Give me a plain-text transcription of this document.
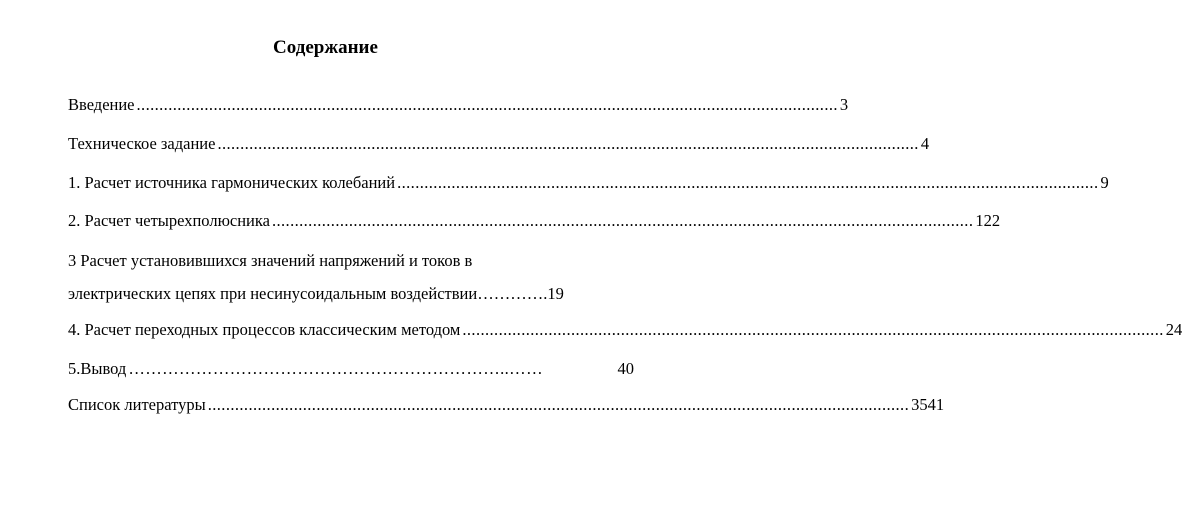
Содержание
Введение ........................................................................................................................................................... 3
Техническое задание ........................................................................................................................................................... 4
1. Расчет источника гармонических колебаний ........................................................................................................................................................... 9
2. Расчет четырехполюсника ........................................................................................................................................................... 122
3 Расчет установившихся значений напряжений и токов в
электрических цепях при несинусоидальным воздействии………….19
4. Расчет переходных процессов классическим методом ........................................................................................................................................................... 24
5.Вывод …………………………………………………………..……	40
Список литературы ........................................................................................................................................................... 3541
